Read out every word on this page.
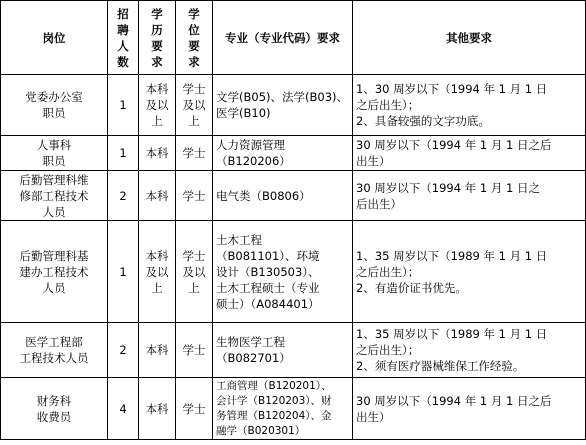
岗位	招
聘
人
数	学
历
要
求	学
位
要
求	专业（专业代码）要求	其他要求

党委办公室
职员	1	本科
及以
上	学士
及以
上	文学(B05)、法学(B03)、
医学(B10)	1、30 周岁以下（1994 年 1 月 1 日
之后出生）；
2、具备较强的文字功底。

人事科
职员	1	本科	学士	人力资源管理
（B120206）	30 周岁以下（1994 年 1 月 1 日之后
出生）

后勤管理科维
修部工程技术
人员	2	本科	学士	电气类（B0806）	30 周岁以下（1994 年 1 月 1 日之
后出生）

后勤管理科基
建办工程技术
人员	1	本科
及以
上	学士
及以
上	土木工程
（B081101）、环境
设计（B130503）、
土木工程硕士（专业
硕士）（A084401）	1、35 周岁以下（1989 年 1 月 1 日
之后出生）；
2、有造价证书优先。

医学工程部
工程技术人员	2	本科	学士	生物医学工程
（B082701）	1、35 周岁以下（1989 年 1 月 1 日
之后出生）；
2、须有医疗器械维保工作经验。

财务科
收费员	4	本科	学士	工商管理（B120201）、
会计学（B120203）、财
务管理（B120204）、金
融学（B020301）	30 周岁以下（1994 年 1 月 1 日之后
出生）
